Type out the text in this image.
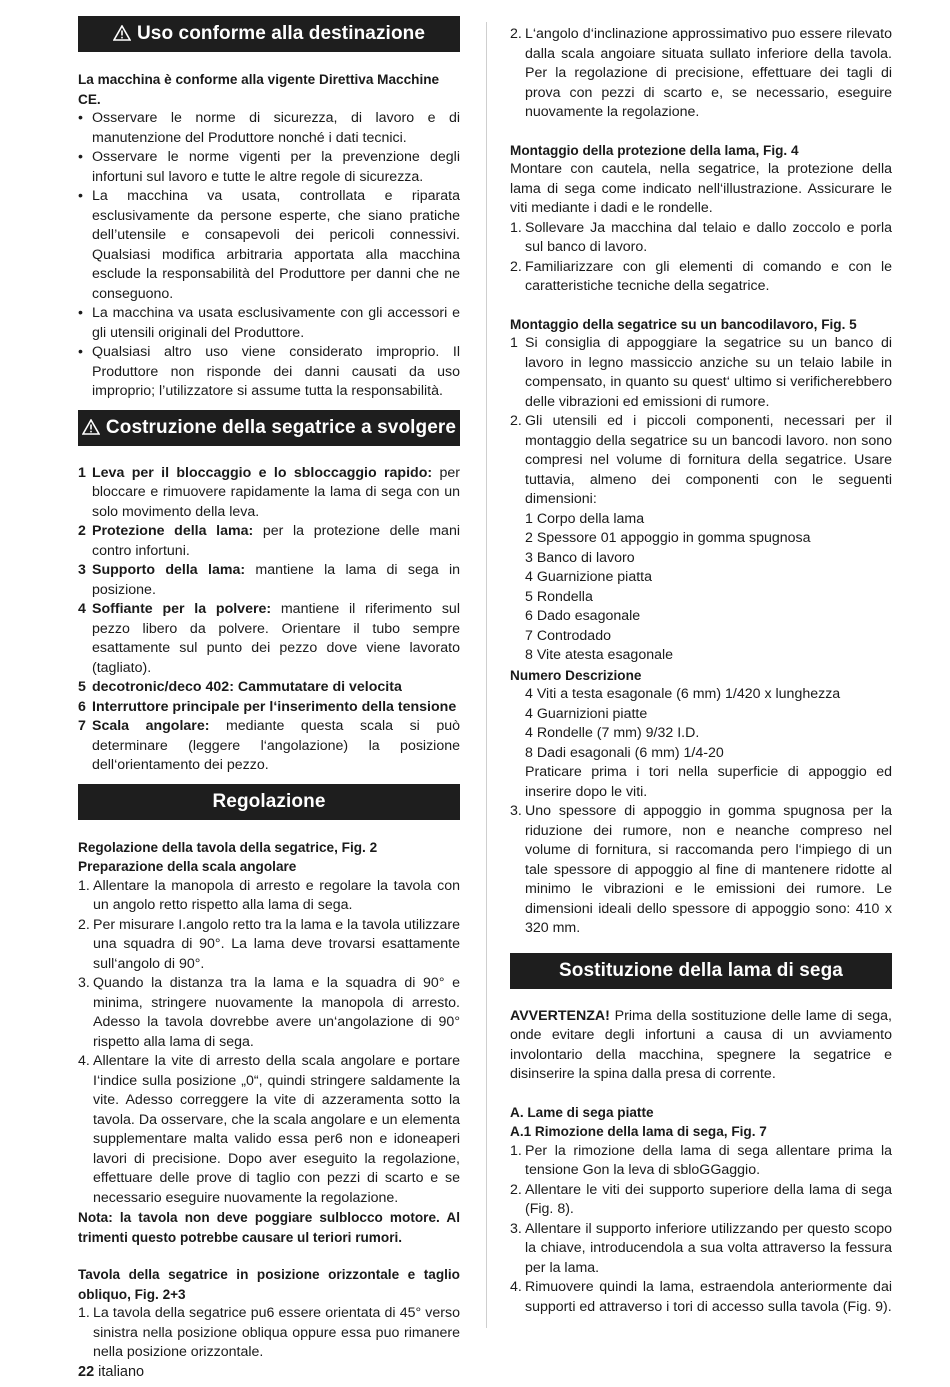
Uso conforme alla destinazione
La macchina è conforme alla vigente Direttiva Macchine CE.
• Osservare le norme di sicurezza, di lavoro e di manutenzione del Produttore nonché i dati tecnici.
• Osservare le norme vigenti per la prevenzione degli infortuni sul lavoro e tutte le altre regole di sicurezza.
• La macchina va usata, controllata e riparata esclusivamente da persone esperte, che siano pratiche dell’utensile e consapevoli dei pericoli connessivi. Qualsiasi modifica arbitraria apportata alla macchina esclude la responsabilità del Produttore per danni che ne conseguono.
• La macchina va usata esclusivamente con gli accessori e gli utensili originali del Produttore.
• Qualsiasi altro uso viene considerato improprio. Il Produttore non risponde dei danni causati da uso improprio; l’utilizzatore si assume tutta la responsabilità.
Costruzione della segatrice a svolgere
1 Leva per il bloccaggio e lo sbloccaggio rapido: per bloccare e rimuovere rapidamente la lama di sega con un solo movimento della leva.
2 Protezione della lama: per la protezione delle mani contro infortuni.
3 Supporto della lama: mantiene la lama di sega in posizione.
4 Soffiante per la polvere: mantiene il riferimento sul pezzo libero da polvere. Orientare il tubo sempre esattamente sul punto dei pezzo dove viene lavorato (tagliato).
5 decotronic/deco 402: Cammutatare di velocita
6 Interruttore principale per l‘inserimento della tensione
7 Scala angolare: mediante questa scala si può determinare (leggere l‘angolazione) la posizione dell‘orientamento dei pezzo.
Regolazione
Regolazione della tavola della segatrice, Fig. 2
Preparazione della scala angolare
1. Allentare la manopola di arresto e regolare la tavola con un angolo retto rispetto alla lama di sega.
2. Per misurare I.angolo retto tra la lama e la tavola utilizzare una squadra di 90°. La lama deve trovarsi esattamente sull‘angolo di 90°.
3. Quando la distanza tra la lama e la squadra di 90° e minima, stringere nuovamente la manopola di arresto. Adesso la tavola dovrebbe avere un‘angolazione di 90° rispetto alla lama di sega.
4. Allentare la vite di arresto della scala angolare e portare I‘indice sulla posizione „0“, quindi stringere saldamente la vite. Adesso correggere la vite di azzeramenta sotto la tavola. Da osservare, che la scala angolare e un elementa supplementare malta valido essa per6 non e idoneaperi lavori di precisione. Dopo aver eseguito la regolazione, effettuare delle prove di taglio con pezzi di scarto e se necessario eseguire nuovamente la regolazione.
Nota: la tavola non deve poggiare sulblocco motore. Al trimenti questo potrebbe causare ul teriori rumori.
Tavola della segatrice in posizione orizzontale e taglio obliquo, Fig. 2+3
1. La tavola della segatrice pu6 essere orientata di 45° verso sinistra nella posizione obliqua oppure essa puo rimanere nella posizione orizzontale.
2. L‘angolo d‘inclinazione approssimativo puo essere rilevato dalla scala angoiare situata sullato inferiore della tavola. Per la regolazione di precisione, effettuare dei tagli di prova con pezzi di scarto e, se necessario, eseguire nuovamente la regolazione.
Montaggio della protezione della lama, Fig. 4

Montare con cautela, nella segatrice, la protezione della lama di sega come indicato nell‘illustrazione. Assicurare le viti mediante i dadi e le rondelle.

1. Sollevare Ja macchina dal telaio e dallo zoccolo e porla sul banco di lavoro.
2. Familiarizzare con gli elementi di comando e con le caratteristiche tecniche della segatrice.
Montaggio della segatrice su un bancodilavoro, Fig. 5
1 Si consiglia di appoggiare la segatrice su un banco di lavoro in legno massiccio anziche su un telaio labile in compensato, in quanto su quest‘ ultimo si verificherebbero delle vibrazioni ed emissioni di rumore.
2. Gli utensili ed i piccoli componenti, necessari per il montaggio della segatrice su un bancodi lavoro. non sono compresi nel volume di fornitura della segatrice. Usare tuttavia, almeno dei componenti con le seguenti dimensioni:
1 Corpo della lama
2 Spessore 01 appoggio in gomma spugnosa
3 Banco di lavoro
4 Guarnizione piatta
5 Rondella
6 Dado esagonale
7 Controdado
8 Vite atesta esagonale
Numero Descrizione
4 Viti a testa esagonale (6 mm) 1/420 x lunghezza
4 Guarnizioni piatte
4 Rondelle (7 mm) 9/32 I.D.
8 Dadi esagonali (6 mm) 1/4-20

Praticare prima i tori nella superficie di appoggio ed inserire dopo le viti.

3. Uno spessore di appoggio in gomma spugnosa per la riduzione dei rumore, non e neanche compreso nel volume di fornitura, si raccomanda pero l‘impiego di un tale spessore di appoggio al fine di mantenere ridotte al minimo le vibrazioni e le emissioni dei rumore. Le dimensioni ideali dello spessore di appoggio sono: 410 x 320 mm.
Sostituzione della lama di sega

AVVERTENZA! Prima della sostituzione delle lame di sega, onde evitare degli infortuni a causa di un avviamento involontario della macchina, spegnere la segatrice e disinserire la spina dalla presa di corrente.

A. Lame di sega piatte
A.1 Rimozione della lama di sega, Fig. 7
1. Per la rimozione della lama di sega allentare prima la tensione Gon la leva di sbloGGaggio.
2. Allentare le viti dei supporto superiore della lama di sega (Fig. 8).
3. Allentare il supporto inferiore utilizzando per questo scopo la chiave, introducendola a sua volta attraverso la fessura per la lama.
4. Rimuovere quindi la lama, estraendola anteriormente dai supporti ed attraverso i tori di accesso sulla tavola (Fig. 9).
22 italiano
